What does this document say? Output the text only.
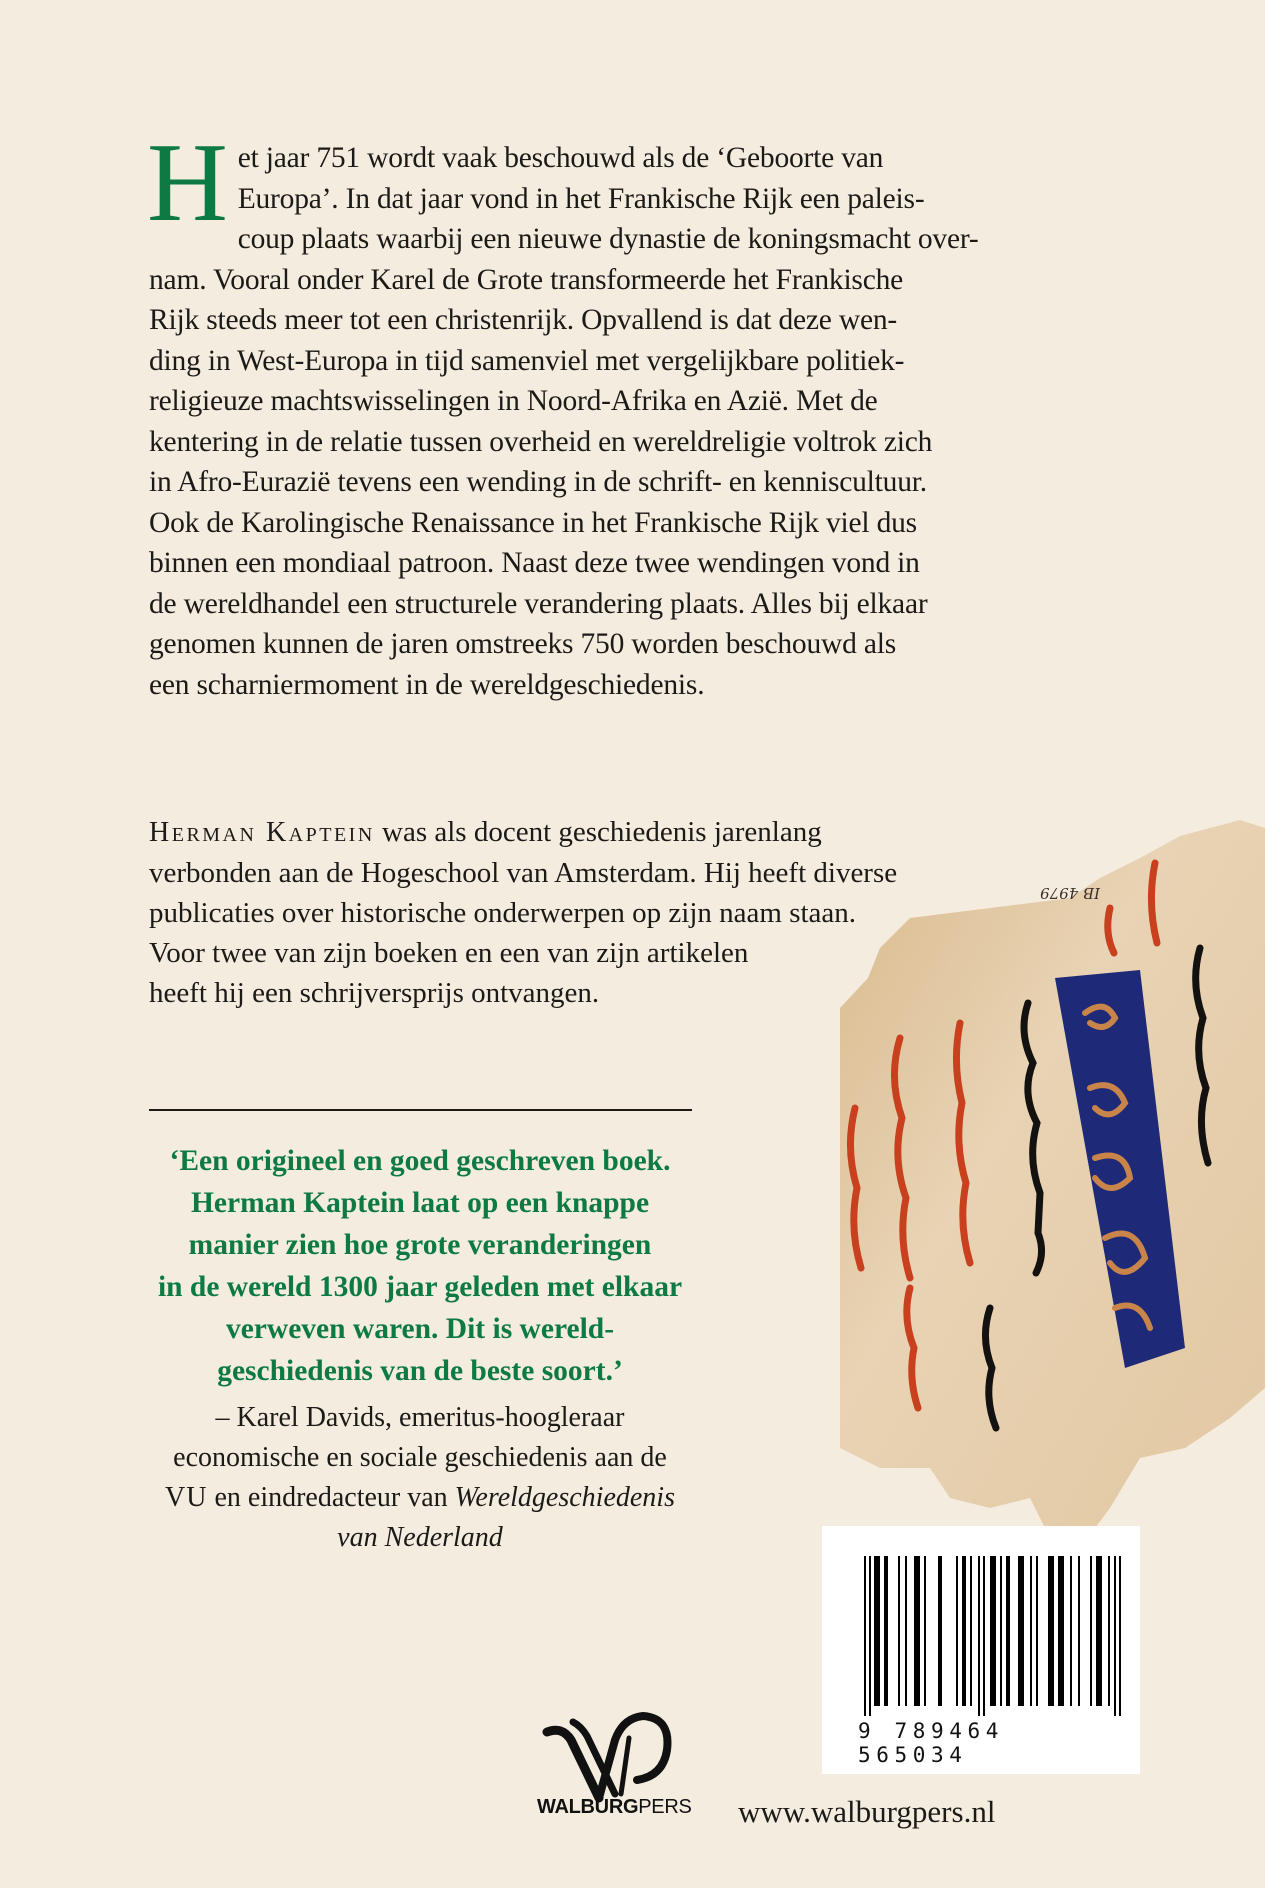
H et jaar 751 wordt vaak beschouwd als de ‘Geboorte van
Europa’. In dat jaar vond in het Frankische Rijk een paleis-
coup plaats waarbij een nieuwe dynastie de koningsmacht over-
nam. Vooral onder Karel de Grote transformeerde het Frankische
Rijk steeds meer tot een christenrijk. Opvallend is dat deze wen-
ding in West-Europa in tijd samenviel met vergelijkbare politiek-
religieuze machtswisselingen in Noord-Afrika en Azië. Met de
kentering in de relatie tussen overheid en wereldreligie voltrok zich
in Afro-Eurazië tevens een wending in de schrift- en kenniscultuur.
Ook de Karolingische Renaissance in het Frankische Rijk viel dus
binnen een mondiaal patroon. Naast deze twee wendingen vond in
de wereldhandel een structurele verandering plaats. Alles bij elkaar
genomen kunnen de jaren omstreeks 750 worden beschouwd als
een scharniermoment in de wereldgeschiedenis.
Herman Kaptein was als docent geschiedenis jarenlang
verbonden aan de Hogeschool van Amsterdam. Hij heeft diverse
publicaties over historische onderwerpen op zijn naam staan.
Voor twee van zijn boeken en een van zijn artikelen
heeft hij een schrijversprijs ontvangen.
‘Een origineel en goed geschreven boek.
Herman Kaptein laat op een knappe
manier zien hoe grote veranderingen
in de wereld 1300 jaar geleden met elkaar
verweven waren. Dit is wereld-
geschiedenis van de beste soort.’
– Karel Davids, emeritus-hoogleraar
economische en sociale geschiedenis aan de
VU en eindredacteur van Wereldgeschiedenis
van Nederland
IB 4979
9 789464 565034
WALBURGPERS www.walburgpers.nl
